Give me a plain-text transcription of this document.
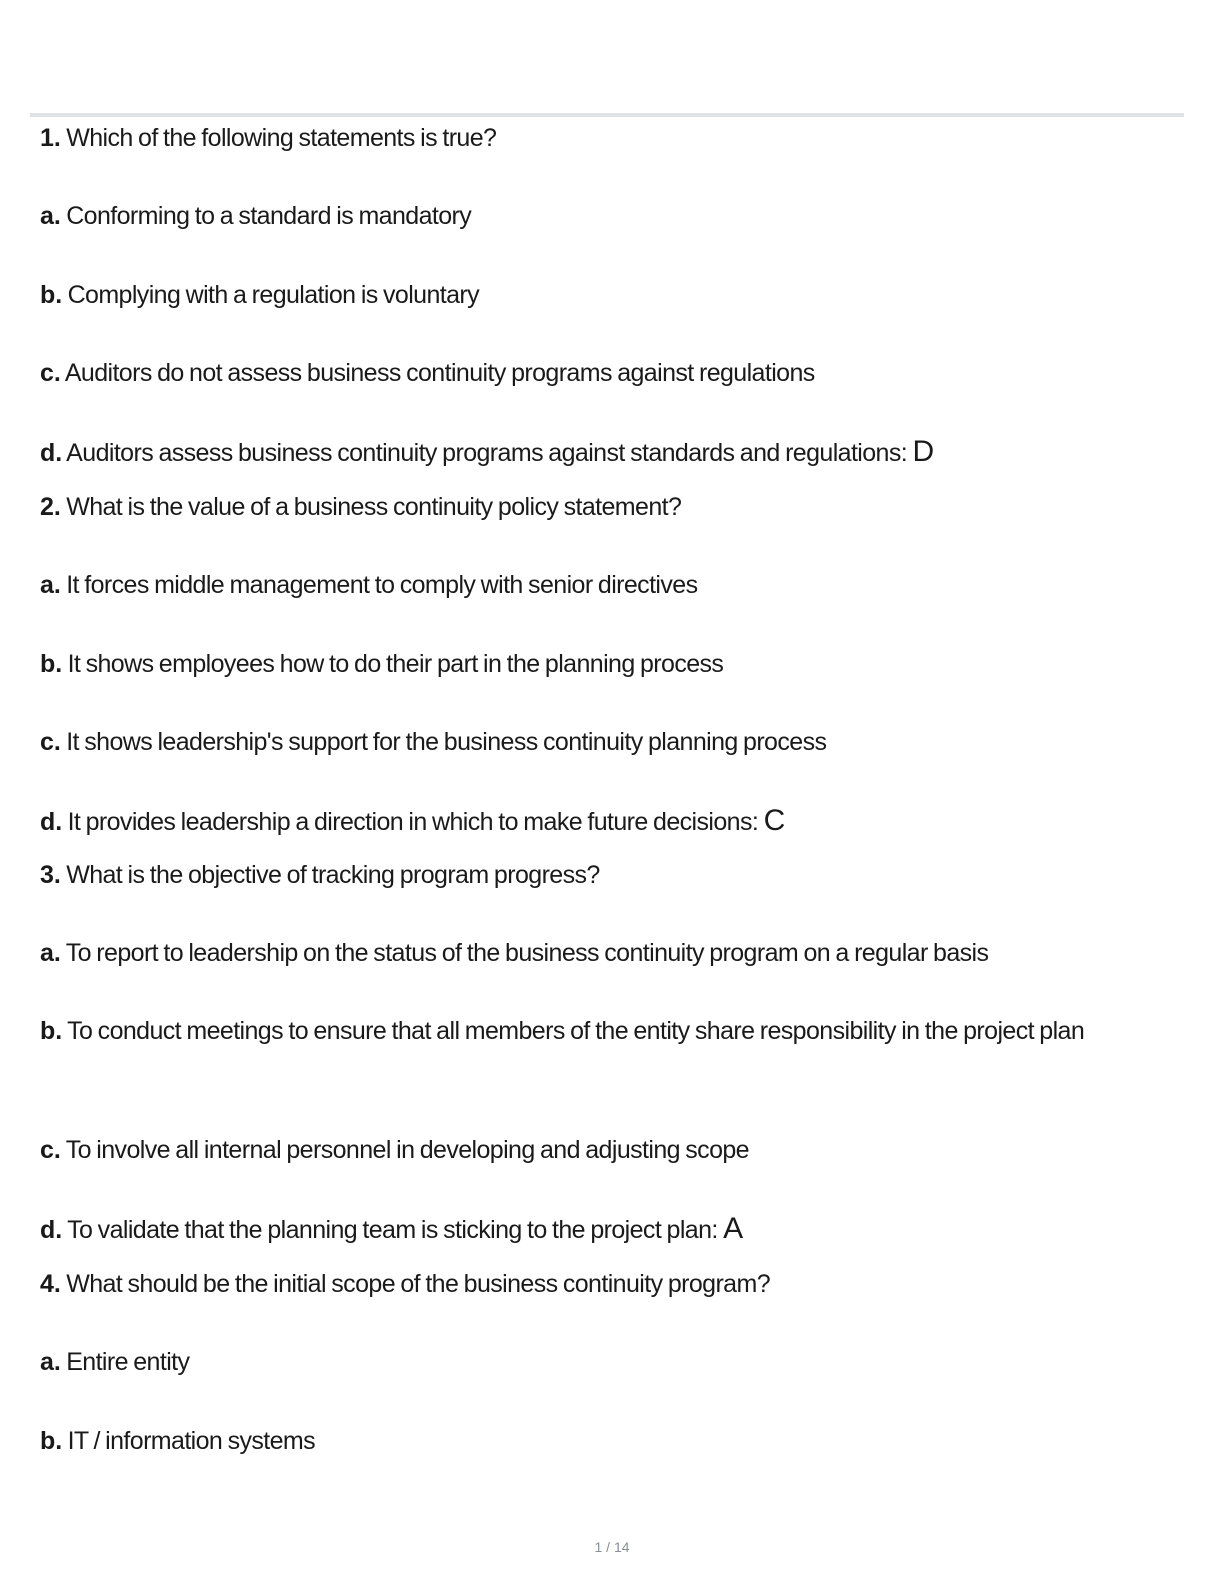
1. Which of the following statements is true?

a. Conforming to a standard is mandatory

b. Complying with a regulation is voluntary

c. Auditors do not assess business continuity programs against regulations

d. Auditors assess business continuity programs against standards and regulations: D

2. What is the value of a business continuity policy statement?

a. It forces middle management to comply with senior directives

b. It shows employees how to do their part in the planning process

c. It shows leadership's support for the business continuity planning process

d. It provides leadership a direction in which to make future decisions: C

3. What is the objective of tracking program progress?

a. To report to leadership on the status of the business continuity program on a regular basis

b. To conduct meetings to ensure that all members of the entity share responsibility in the project plan

c. To involve all internal personnel in developing and adjusting scope

d. To validate that the planning team is sticking to the project plan: A

4. What should be the initial scope of the business continuity program?

a. Entire entity

b. IT / information systems

1 / 14
